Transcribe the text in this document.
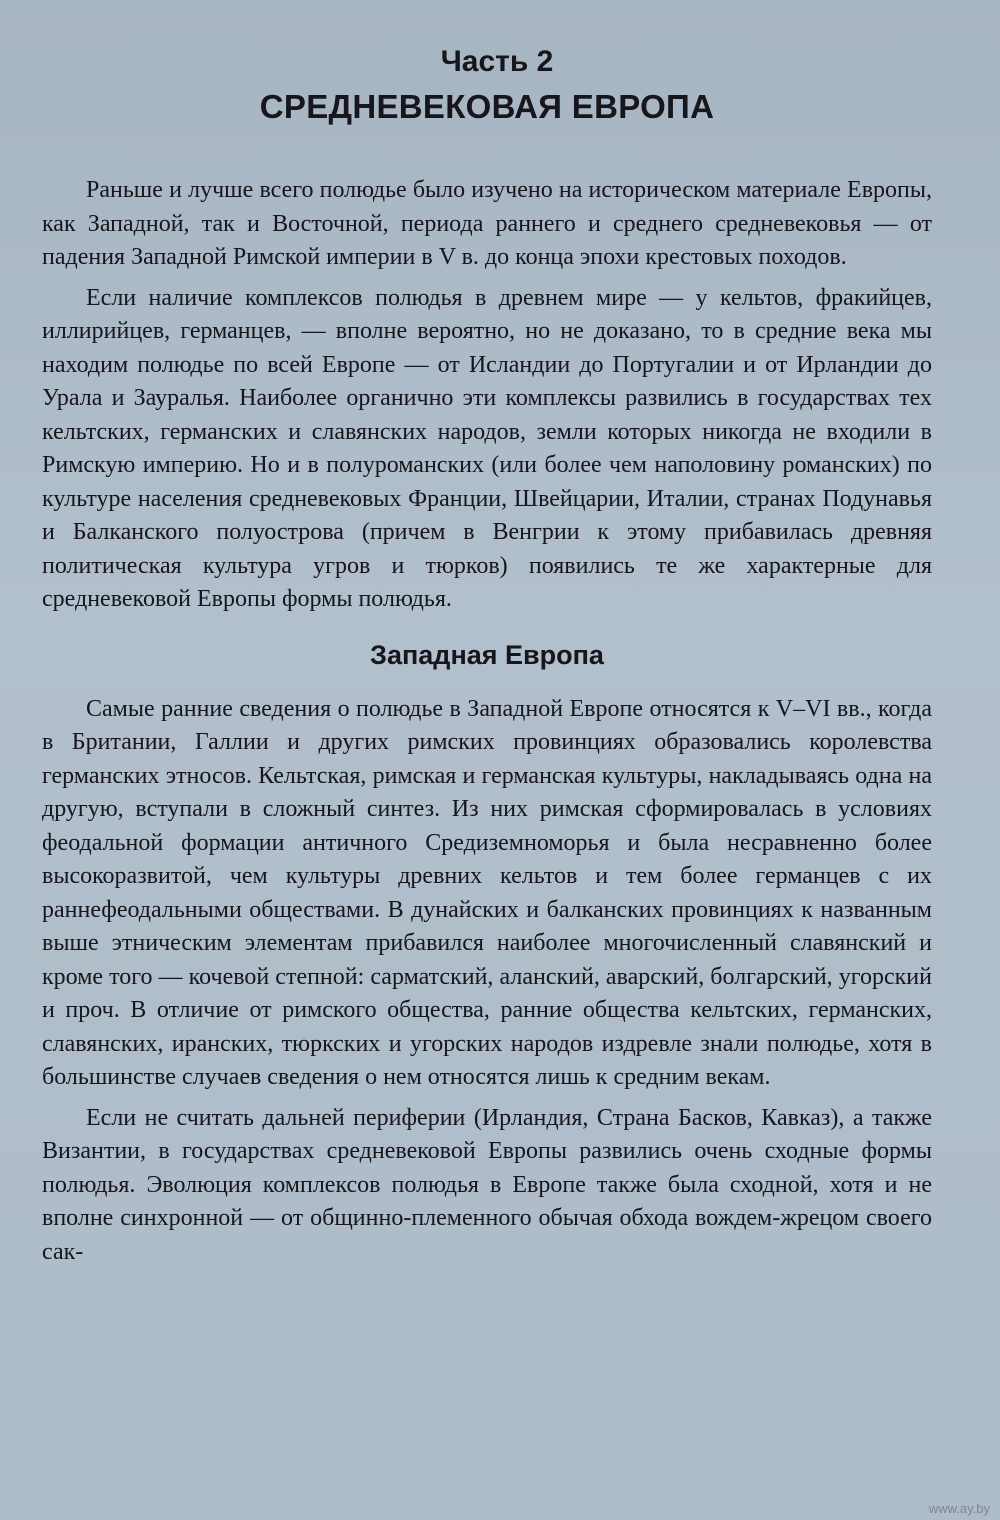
Часть 2
СРЕДНЕВЕКОВАЯ ЕВРОПА

Раньше и лучше всего полюдье было изучено на историческом материале Европы, как Западной, так и Восточной, периода раннего и среднего средневековья — от падения Западной Римской империи в V в. до конца эпохи крестовых походов.

Если наличие комплексов полюдья в древнем мире — у кельтов, фракийцев, иллирийцев, германцев, — вполне вероятно, но не доказано, то в средние века мы находим полюдье по всей Европе — от Исландии до Португалии и от Ирландии до Урала и Зауралья. Наиболее органично эти комплексы развились в государствах тех кельтских, германских и славянских народов, земли которых никогда не входили в Римскую империю. Но и в полуроманских (или более чем наполовину романских) по культуре населения средневековых Франции, Швейцарии, Италии, странах Подунавья и Балканского полуострова (причем в Венгрии к этому прибавилась древняя политическая культура угров и тюрков) появились те же характерные для средневековой Европы формы полюдья.

Западная Европа

Самые ранние сведения о полюдье в Западной Европе относятся к V–VI вв., когда в Британии, Галлии и других римских провинциях образовались королевства германских этносов. Кельтская, римская и германская культуры, накладываясь одна на другую, вступали в сложный синтез. Из них римская сформировалась в условиях феодальной формации античного Средиземноморья и была несравненно более высокоразвитой, чем культуры древних кельтов и тем более германцев с их раннефеодальными обществами. В дунайских и балканских провинциях к названным выше этническим элементам прибавился наиболее многочисленный славянский и кроме того — кочевой степной: сарматский, аланский, аварский, болгарский, угорский и проч. В отличие от римского общества, ранние общества кельтских, германских, славянских, иранских, тюркских и угорских народов издревле знали полюдье, хотя в большинстве случаев сведения о нем относятся лишь к средним векам.

Если не считать дальней периферии (Ирландия, Страна Басков, Кавказ), а также Византии, в государствах средневековой Европы развились очень сходные формы полюдья. Эволюция комплексов полюдья в Европе также была сходной, хотя и не вполне синхронной — от общинно-племенного обычая обхода вождем-жрецом своего сак-

www.ay.by
